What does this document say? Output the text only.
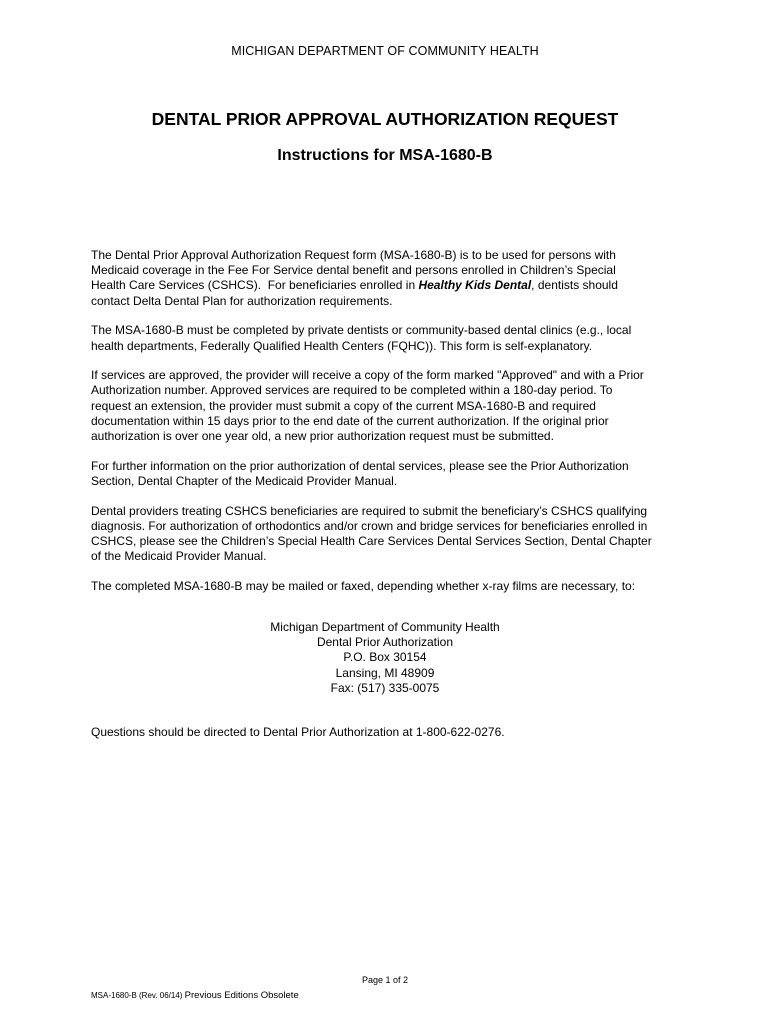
MICHIGAN DEPARTMENT OF COMMUNITY HEALTH
DENTAL PRIOR APPROVAL AUTHORIZATION REQUEST
Instructions for MSA-1680-B

The Dental Prior Approval Authorization Request form (MSA-1680-B) is to be used for persons with
Medicaid coverage in the Fee For Service dental benefit and persons enrolled in Children’s Special
Health Care Services (CSHCS).  For beneficiaries enrolled in Healthy Kids Dental, dentists should
contact Delta Dental Plan for authorization requirements.

The MSA-1680-B must be completed by private dentists or community-based dental clinics (e.g., local
health departments, Federally Qualified Health Centers (FQHC)). This form is self-explanatory.

If services are approved, the provider will receive a copy of the form marked "Approved" and with a Prior
Authorization number. Approved services are required to be completed within a 180-day period. To
request an extension, the provider must submit a copy of the current MSA-1680-B and required
documentation within 15 days prior to the end date of the current authorization. If the original prior
authorization is over one year old, a new prior authorization request must be submitted.

For further information on the prior authorization of dental services, please see the Prior Authorization
Section, Dental Chapter of the Medicaid Provider Manual.

Dental providers treating CSHCS beneficiaries are required to submit the beneficiary’s CSHCS qualifying
diagnosis. For authorization of orthodontics and/or crown and bridge services for beneficiaries enrolled in
CSHCS, please see the Children’s Special Health Care Services Dental Services Section, Dental Chapter
of the Medicaid Provider Manual.

The completed MSA-1680-B may be mailed or faxed, depending whether x-ray films are necessary, to:

Michigan Department of Community Health
Dental Prior Authorization
P.O. Box 30154
Lansing, MI 48909
Fax: (517) 335-0075
Questions should be directed to Dental Prior Authorization at 1-800-622-0276.
Page 1 of 2
MSA-1680-B (Rev. 06/14) Previous Editions Obsolete
